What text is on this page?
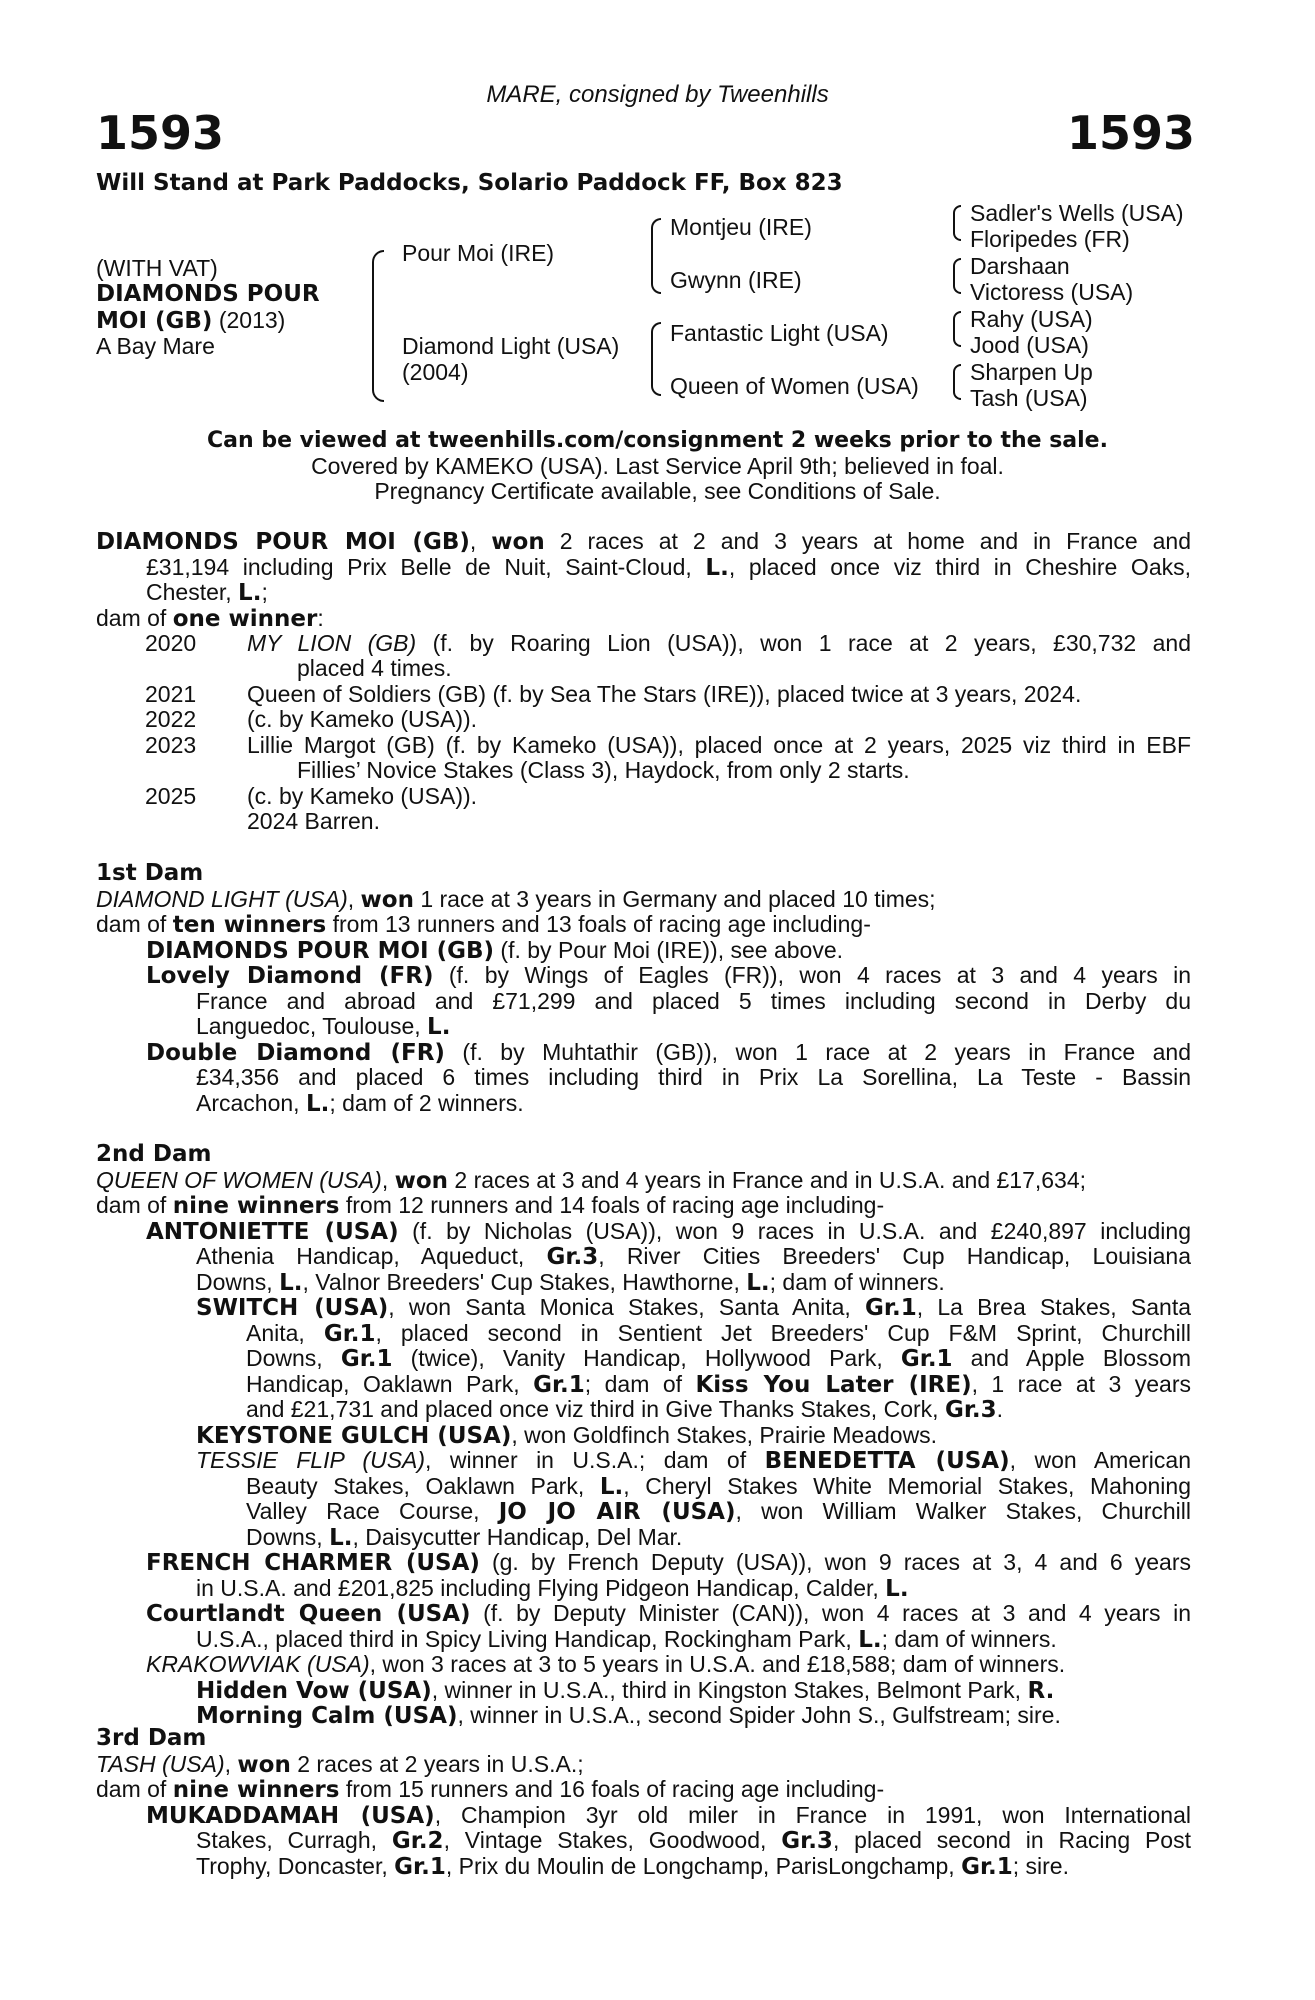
MARE, consigned by Tweenhills
1593	1593
Will Stand at Park Paddocks, Solario Paddock FF, Box 823
(WITH VAT)
DIAMONDS POUR
MOI (GB) (2013)
A Bay Mare
Pour Moi (IRE)
Diamond Light (USA)
(2004)
Montjeu (IRE)
Gwynn (IRE)
Fantastic Light (USA)
Queen of Women (USA)
Sadler's Wells (USA)
Floripedes (FR)
Darshaan
Victoress (USA)
Rahy (USA)
Jood (USA)
Sharpen Up
Tash (USA)
Can be viewed at tweenhills.com/consignment 2 weeks prior to the sale.
Covered by KAMEKO (USA). Last Service April 9th; believed in foal.
Pregnancy Certificate available, see Conditions of Sale.
DIAMONDS POUR MOI (GB), won 2 races at 2 and 3 years at home and in France and
£31,194 including Prix Belle de Nuit, Saint-Cloud, L., placed once viz third in Cheshire Oaks,
Chester, L.;
dam of one winner:
2020 MY LION (GB) (f. by Roaring Lion (USA)), won 1 race at 2 years, £30,732 and
placed 4 times.
2021 Queen of Soldiers (GB) (f. by Sea The Stars (IRE)), placed twice at 3 years, 2024.
2022 (c. by Kameko (USA)).
2023 Lillie Margot (GB) (f. by Kameko (USA)), placed once at 2 years, 2025 viz third in EBF
Fillies’ Novice Stakes (Class 3), Haydock, from only 2 starts.
2025 (c. by Kameko (USA)).
2024 Barren.
1st Dam
DIAMOND LIGHT (USA), won 1 race at 3 years in Germany and placed 10 times;
dam of ten winners from 13 runners and 13 foals of racing age including-
DIAMONDS POUR MOI (GB) (f. by Pour Moi (IRE)), see above.
Lovely Diamond (FR) (f. by Wings of Eagles (FR)), won 4 races at 3 and 4 years in
France and abroad and £71,299 and placed 5 times including second in Derby du
Languedoc, Toulouse, L.
Double Diamond (FR) (f. by Muhtathir (GB)), won 1 race at 2 years in France and
£34,356 and placed 6 times including third in Prix La Sorellina, La Teste - Bassin
Arcachon, L.; dam of 2 winners.
2nd Dam
QUEEN OF WOMEN (USA), won 2 races at 3 and 4 years in France and in U.S.A. and £17,634;
dam of nine winners from 12 runners and 14 foals of racing age including-
ANTONIETTE (USA) (f. by Nicholas (USA)), won 9 races in U.S.A. and £240,897 including
Athenia Handicap, Aqueduct, Gr.3, River Cities Breeders' Cup Handicap, Louisiana
Downs, L., Valnor Breeders' Cup Stakes, Hawthorne, L.; dam of winners.
SWITCH (USA), won Santa Monica Stakes, Santa Anita, Gr.1, La Brea Stakes, Santa
Anita, Gr.1, placed second in Sentient Jet Breeders' Cup F&M Sprint, Churchill
Downs, Gr.1 (twice), Vanity Handicap, Hollywood Park, Gr.1 and Apple Blossom
Handicap, Oaklawn Park, Gr.1; dam of Kiss You Later (IRE), 1 race at 3 years
and £21,731 and placed once viz third in Give Thanks Stakes, Cork, Gr.3.
KEYSTONE GULCH (USA), won Goldfinch Stakes, Prairie Meadows.
TESSIE FLIP (USA), winner in U.S.A.; dam of BENEDETTA (USA), won American
Beauty Stakes, Oaklawn Park, L., Cheryl Stakes White Memorial Stakes, Mahoning
Valley Race Course, JO JO AIR (USA), won William Walker Stakes, Churchill
Downs, L., Daisycutter Handicap, Del Mar.
FRENCH CHARMER (USA) (g. by French Deputy (USA)), won 9 races at 3, 4 and 6 years
in U.S.A. and £201,825 including Flying Pidgeon Handicap, Calder, L.
Courtlandt Queen (USA) (f. by Deputy Minister (CAN)), won 4 races at 3 and 4 years in
U.S.A., placed third in Spicy Living Handicap, Rockingham Park, L.; dam of winners.
KRAKOWVIAK (USA), won 3 races at 3 to 5 years in U.S.A. and £18,588; dam of winners.
Hidden Vow (USA), winner in U.S.A., third in Kingston Stakes, Belmont Park, R.
Morning Calm (USA), winner in U.S.A., second Spider John S., Gulfstream; sire.
3rd Dam
TASH (USA), won 2 races at 2 years in U.S.A.;
dam of nine winners from 15 runners and 16 foals of racing age including-
MUKADDAMAH (USA), Champion 3yr old miler in France in 1991, won International
Stakes, Curragh, Gr.2, Vintage Stakes, Goodwood, Gr.3, placed second in Racing Post
Trophy, Doncaster, Gr.1, Prix du Moulin de Longchamp, ParisLongchamp, Gr.1; sire.
